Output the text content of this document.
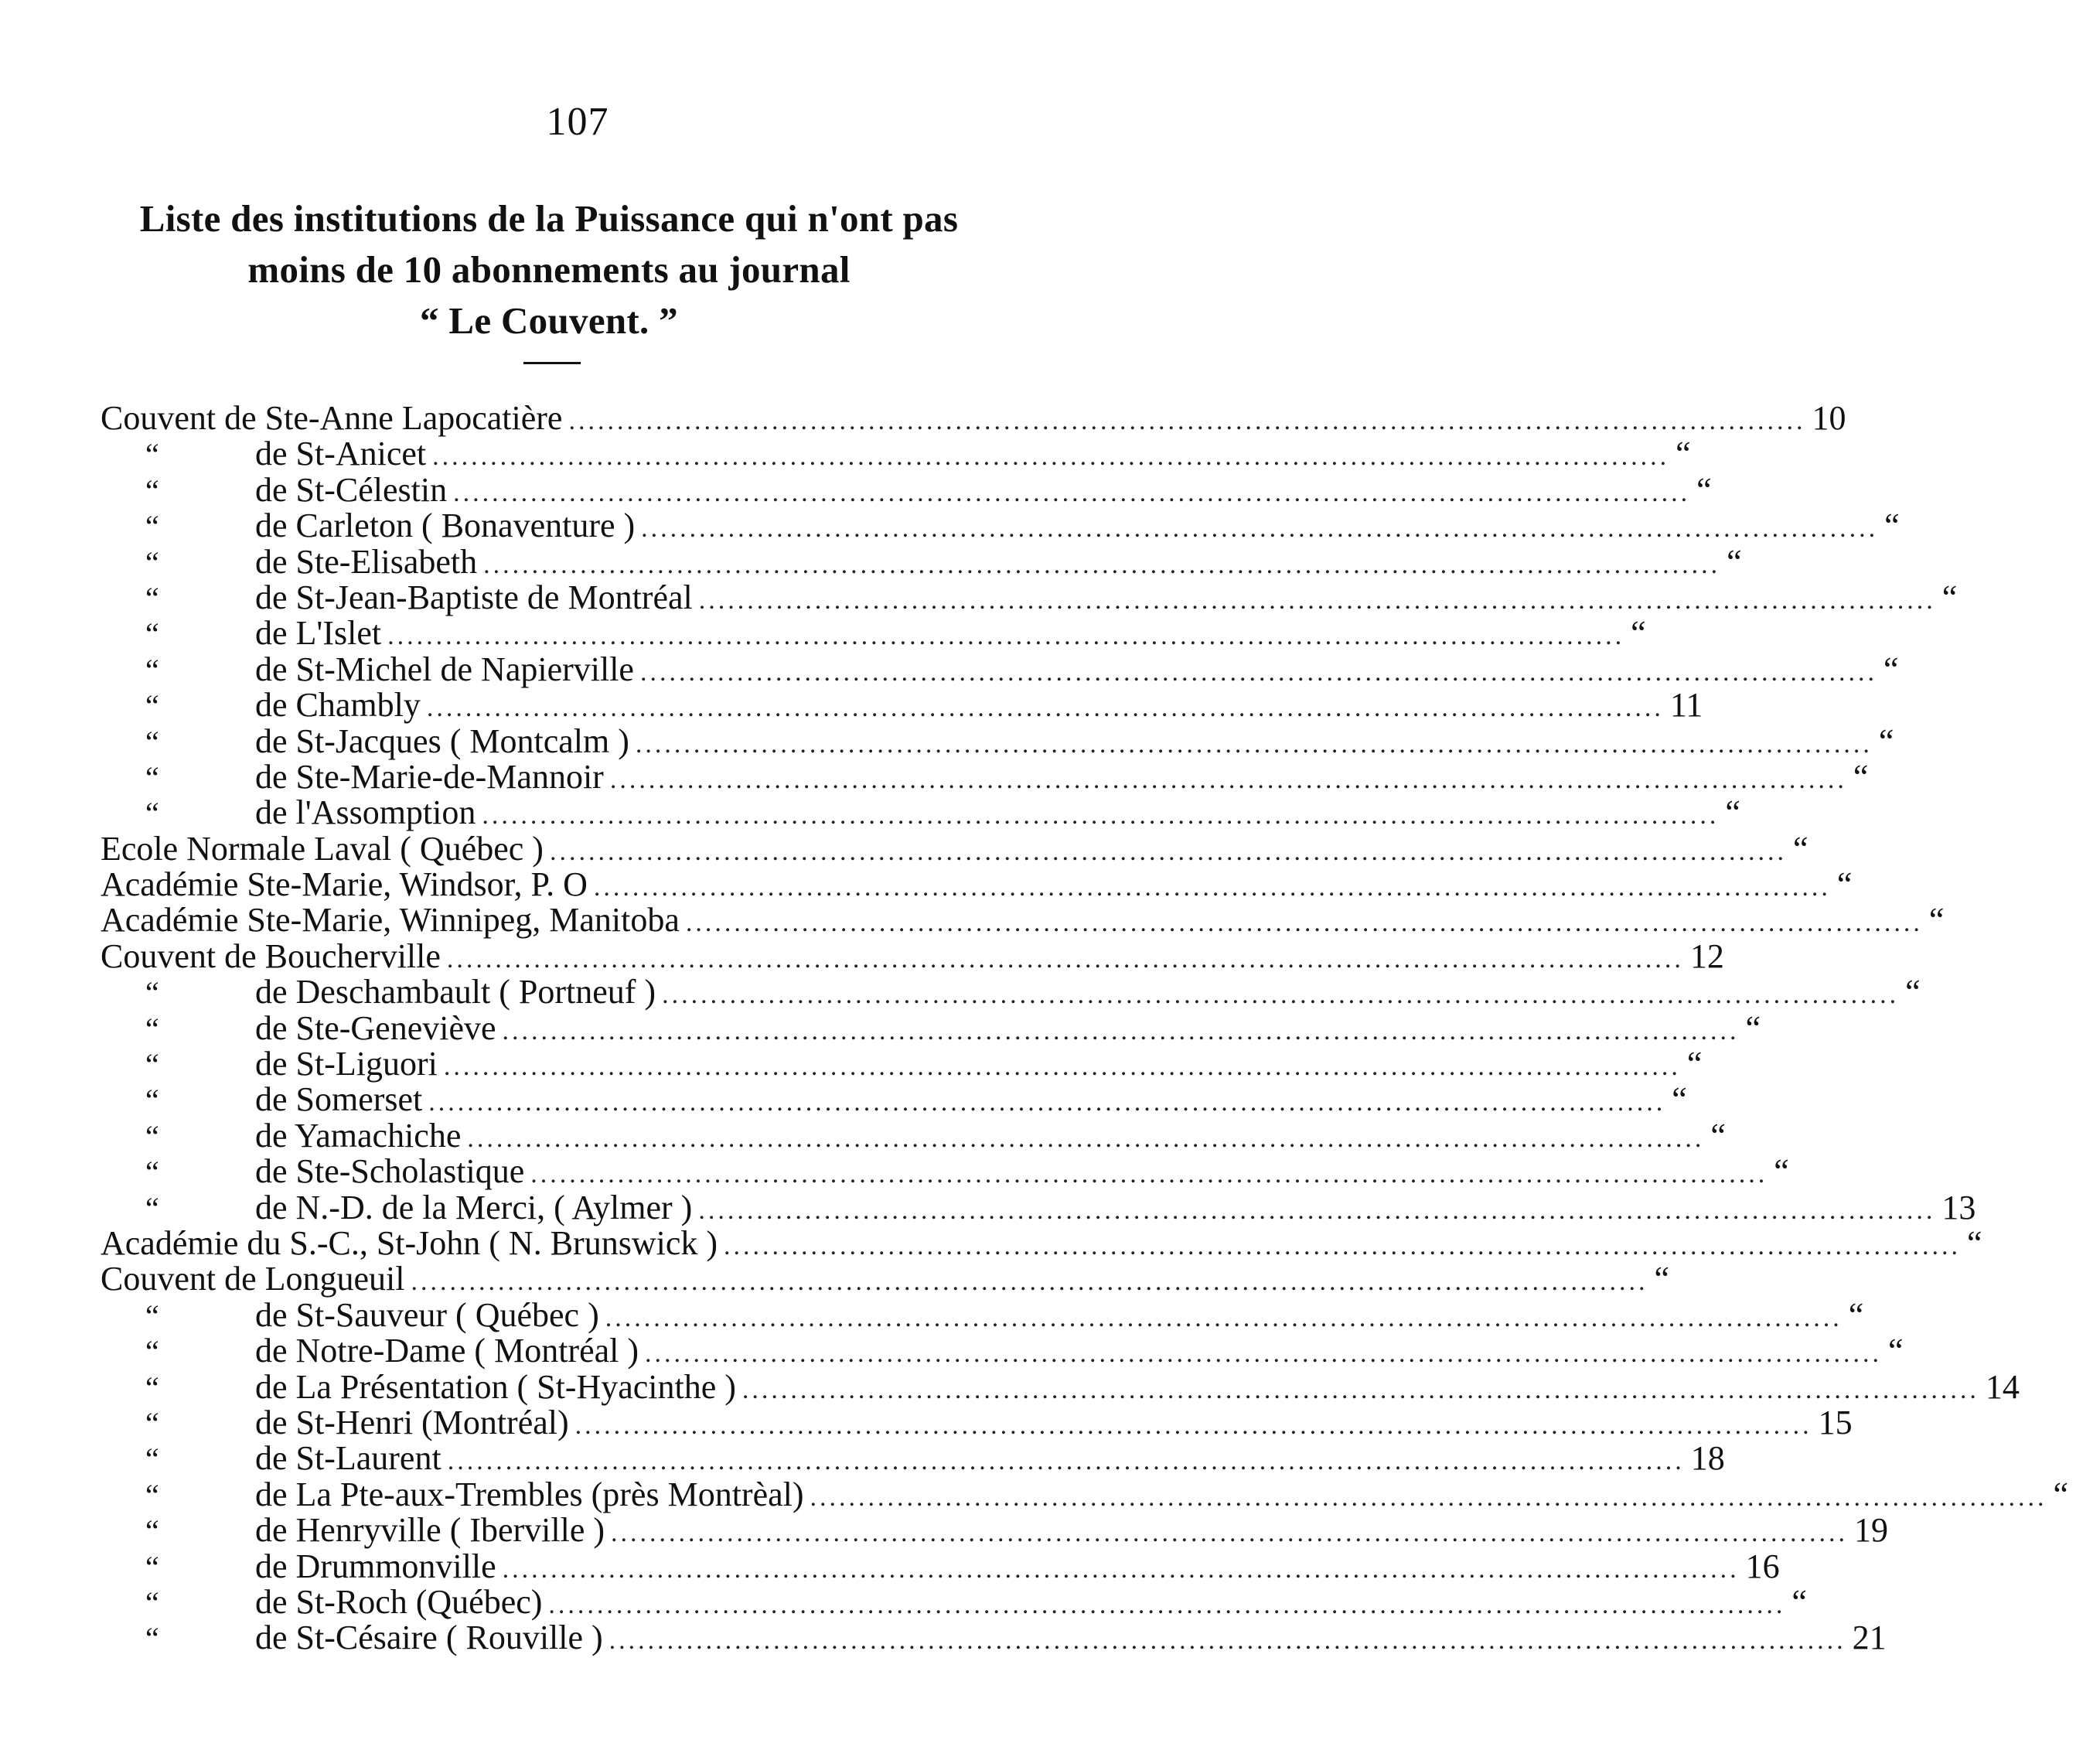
107
Liste des institutions de la Puissance qui n'ont pas
moins de 10 abonnements au journal
“ Le Couvent. ”
Couvent de Ste-Anne Lapocatière .....	10
“	de St-Anicet .....	“
“	de St-Célestin .....	“
“	de Carleton ( Bonaventure ) .....	“
“	de Ste-Elisabeth .....	“
“	de St-Jean-Baptiste de Montréal .....	“
“	de L'Islet .....	“
“	de St-Michel de Napierville .....	“
“	de Chambly .....	11
“	de St-Jacques ( Montcalm ) .....	“
“	de Ste-Marie-de-Mannoir .....	“
“	de l'Assomption .....	“
Ecole Normale Laval ( Québec ) .....	“
Académie Ste-Marie, Windsor, P. O .....	“
Académie Ste-Marie, Winnipeg, Manitoba .....	“
Couvent de Boucherville .....	12
“	de Deschambault ( Portneuf ) .....	“
“	de Ste-Geneviève .....	“
“	de St-Liguori .....	“
“	de Somerset .....	“
“	de Yamachiche .....	“
“	de Ste-Scholastique .....	“
“	de N.-D. de la Merci, ( Aylmer ) .....	13
Académie du S.-C., St-John ( N. Brunswick ) .....	“
Couvent de Longueuil .....	“
“	de St-Sauveur ( Québec ) .....	“
“	de Notre-Dame ( Montréal ) .....	“
“	de La Présentation ( St-Hyacinthe ) .....	14
“	de St-Henri (Montréal) .....	15
“	de St-Laurent .....	18
“	de La Pte-aux-Trembles (près Montrèal) .....	“
“	de Henryville ( Iberville ) .....	19
“	de Drummonville .....	16
“	de St-Roch (Québec) .....	“
“	de St-Césaire ( Rouville ) .....	21
